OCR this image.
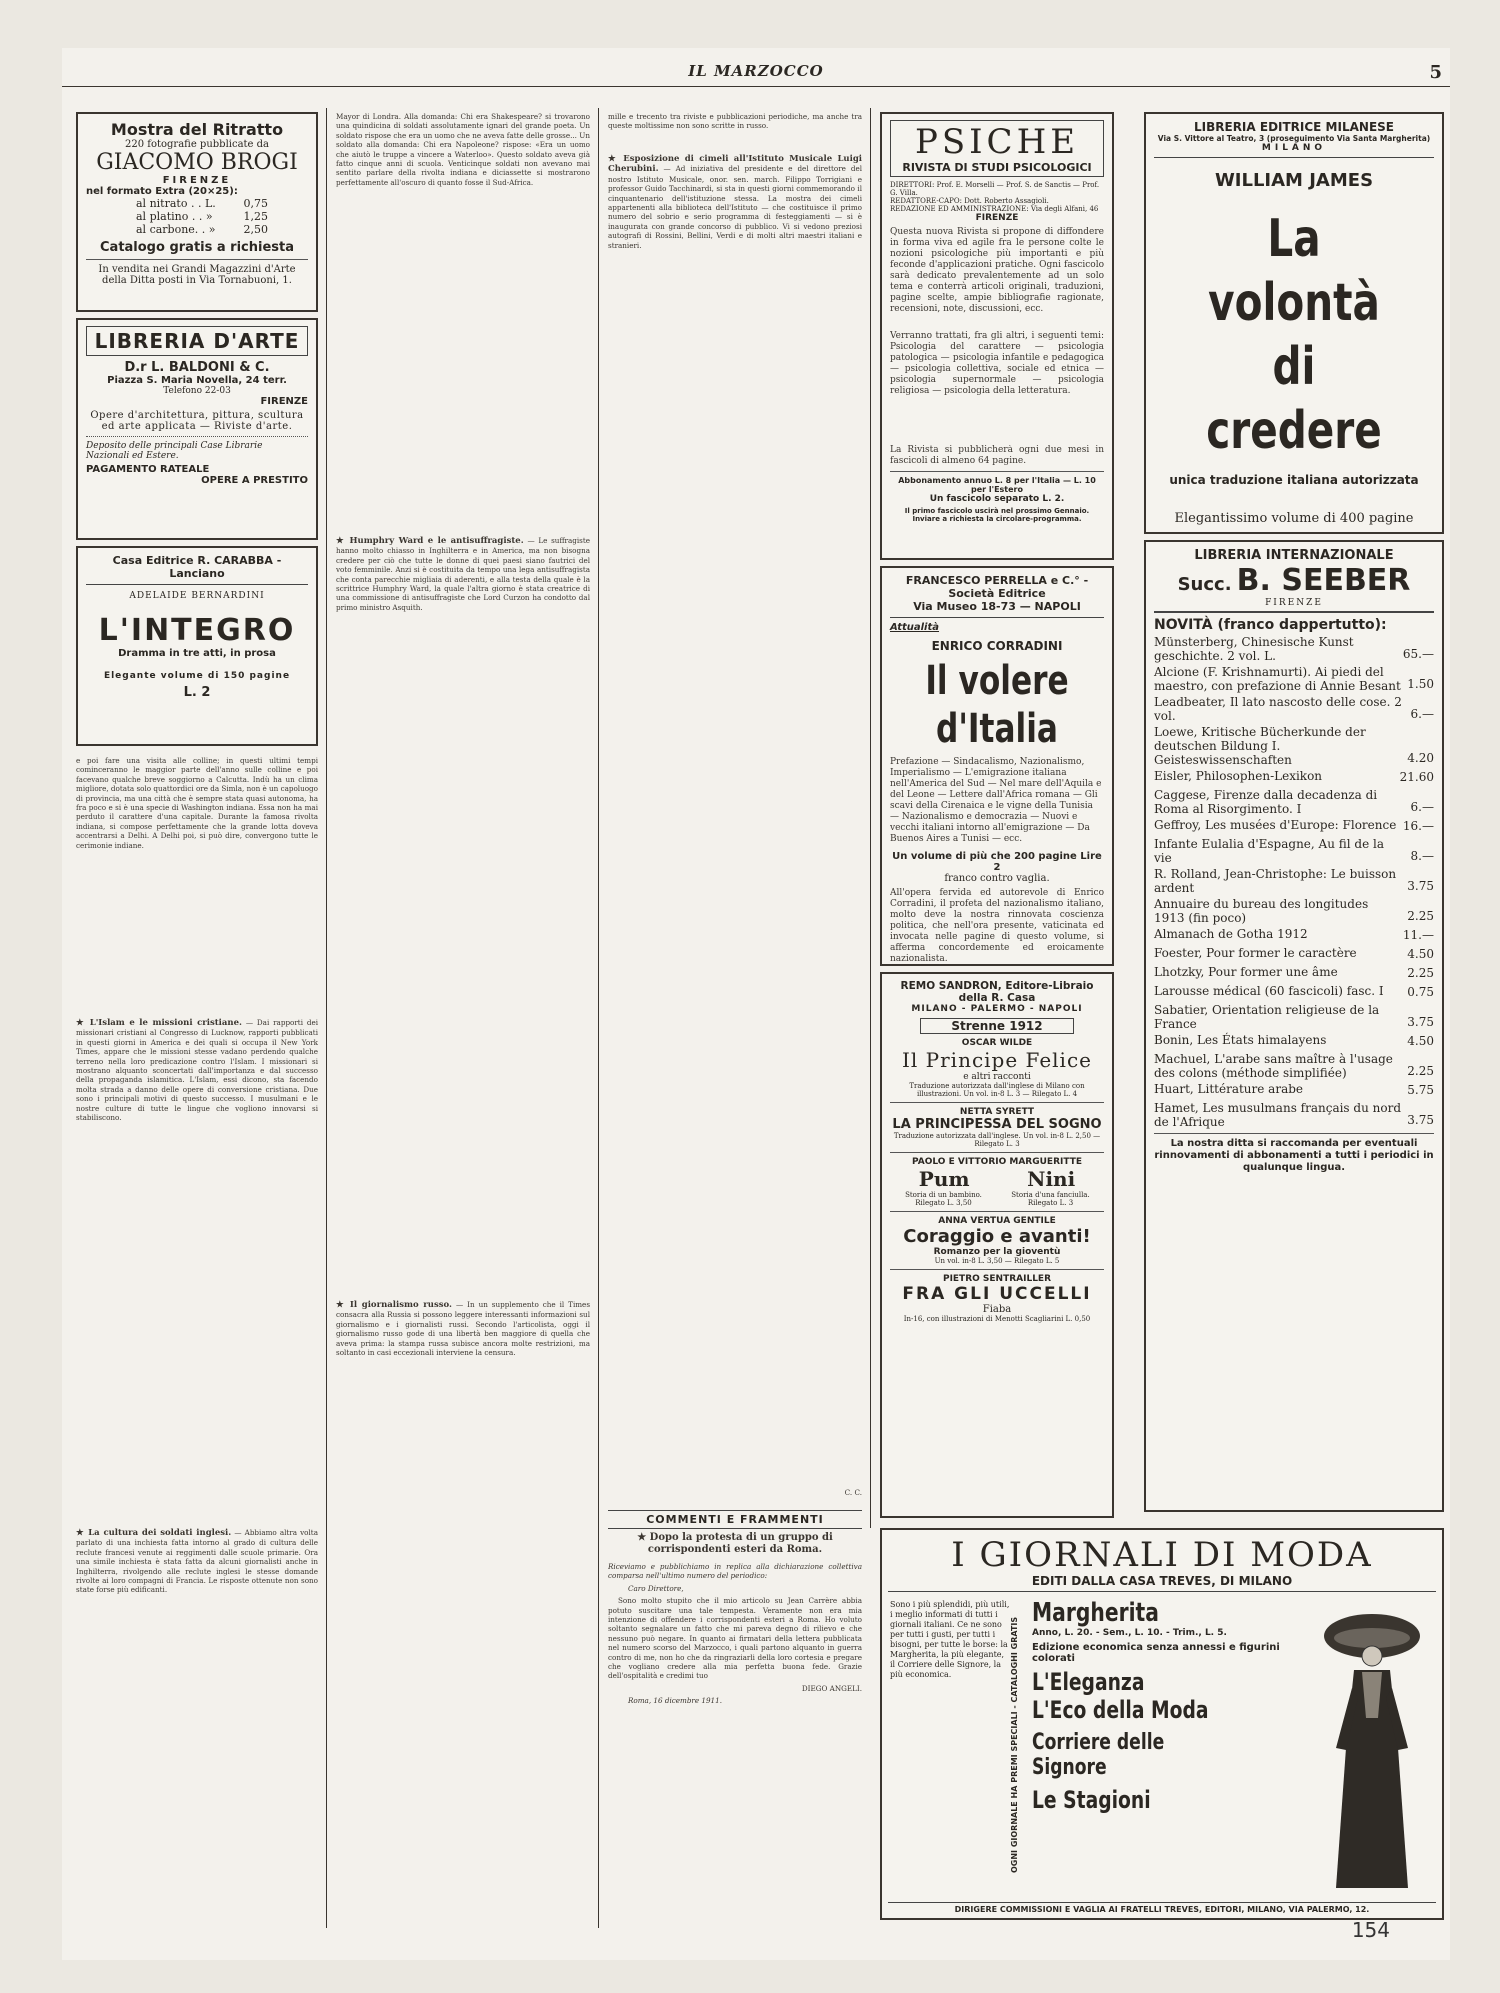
IL MARZOCCO	5
Mostra del Ritratto
220 fotografie pubblicate da
GIACOMO BROGI
FIRENZE
nel formato Extra (20×25):
al nitrato . . L.	0,75
al platino . . »	1,25
al carbone. . »	2,50
Catalogo gratis a richiesta
In vendita nei Grandi Magazzini d'Arte della Ditta posti in Via Tornabuoni, 1.
LIBRERIA D'ARTE
D.r L. BALDONI & C.
Piazza S. Maria Novella, 24 terr.
Telefono 22-03
FIRENZE
Opere d'architettura, pittura, scultura ed arte applicata — Riviste d'arte.
Deposito delle principali Case Librarie Nazionali ed Estere.
PAGAMENTO RATEALE
OPERE A PRESTITO
Casa Editrice R. CARABBA - Lanciano
ADELAIDE BERNARDINI
L'INTEGRO
Dramma in tre atti, in prosa
Elegante volume di 150 pagine
L. 2
e poi fare una visita alle colline; in questi ultimi tempi cominceranno le maggior parte dell'anno sulle colline e poi facevano qualche breve soggiorno a Calcutta. Indù ha un clima migliore, dotata solo quattordici ore da Simla, non è un capoluogo di provincia, ma una città che è sempre stata quasi autonoma, ha fra poco e si è una specie di Washington indiana. Essa non ha mai perduto il carattere d'una capitale. Durante la famosa rivolta indiana, si compose perfettamente che la grande lotta doveva accentrarsi a Delhi. A Delhi poi, si può dire, convergono tutte le cerimonie indiane.
★ L'Islam e le missioni cristiane. — Dai rapporti dei missionari cristiani al Congresso di Lucknow, rapporti pubblicati in questi giorni in America e dei quali si occupa il New York Times, appare che le missioni stesse vadano perdendo qualche terreno nella loro predicazione contro l'Islam. I missionari si mostrano alquanto sconcertati dall'importanza e dal successo della propaganda islamitica. L'Islam, essi dicono, sta facendo molta strada a danno delle opere di conversione cristiana. Due sono i principali motivi di questo successo. I musulmani e le nostre culture di tutte le lingue che vogliono innovarsi si stabiliscono.
★ La cultura dei soldati inglesi. — Abbiamo altra volta parlato di una inchiesta fatta intorno al grado di cultura delle reclute francesi venute ai reggimenti dalle scuole primarie. Ora una simile inchiesta è stata fatta da alcuni giornalisti anche in Inghilterra, rivolgendo alle reclute inglesi le stesse domande rivolte ai loro compagni di Francia. Le risposte ottenute non sono state forse più edificanti.
Mayor di Londra. Alla domanda: Chi era Shakespeare? si trovarono una quindicina di soldati assolutamente ignari del grande poeta. Un soldato rispose che era un uomo che ne aveva fatte delle grosse... Un soldato alla domanda: Chi era Napoleone? rispose: «Era un uomo che aiutò le truppe a vincere a Waterloo». Questo soldato aveva già fatto cinque anni di scuola. Venticinque soldati non avevano mai sentito parlare della rivolta indiana e diciassette si mostrarono perfettamente all'oscuro di quanto fosse il Sud-Africa.
★ Humphry Ward e le antisuffragiste. — Le suffragiste hanno molto chiasso in Inghilterra e in America, ma non bisogna credere per ciò che tutte le donne di quei paesi siano fautrici del voto femminile. Anzi si è costituita da tempo una lega antisuffragista che conta parecchie migliaia di aderenti, e alla testa della quale è la scrittrice Humphry Ward, la quale l'altra giorno è stata creatrice di una commissione di antisuffragiste che Lord Curzon ha condotto dal primo ministro Asquith.
★ Il giornalismo russo. — In un supplemento che il Times consacra alla Russia si possono leggere interessanti informazioni sul giornalismo e i giornalisti russi. Secondo l'articolista, oggi il giornalismo russo gode di una libertà ben maggiore di quella che aveva prima: la stampa russa subisce ancora molte restrizioni, ma soltanto in casi eccezionali interviene la censura.
mille e trecento tra riviste e pubblicazioni periodiche, ma anche tra queste moltissime non sono scritte in russo.
★ Esposizione di cimeli all'Istituto Musicale Luigi Cherubini. — Ad iniziativa del presidente e del direttore del nostro Istituto Musicale, onor. sen. march. Filippo Torrigiani e professor Guido Tacchinardi, si sta in questi giorni commemorando il cinquantenario dell'istituzione stessa. La mostra dei cimeli appartenenti alla biblioteca dell'Istituto — che costituisce il primo numero del sobrio e serio programma di festeggiamenti — si è inaugurata con grande concorso di pubblico. Vi si vedono preziosi autografi di Rossini, Bellini, Verdi e di molti altri maestri italiani e stranieri.
C. C.
COMMENTI E FRAMMENTI
★ Dopo la protesta di un gruppo di corrispondenti esteri da Roma.
Riceviamo e pubblichiamo in replica alla dichiarazione collettiva comparsa nell'ultimo numero del periodico:
Caro Direttore,
Sono molto stupito che il mio articolo su Jean Carrère abbia potuto suscitare una tale tempesta. Veramente non era mia intenzione di offendere i corrispondenti esteri a Roma. Ho voluto soltanto segnalare un fatto che mi pareva degno di rilievo e che nessuno può negare. In quanto ai firmatari della lettera pubblicata nel numero scorso del Marzocco, i quali partono alquanto in guerra contro di me, non ho che da ringraziarli della loro cortesia e pregare che vogliano credere alla mia perfetta buona fede. Grazie dell'ospitalità e credimi tuo
DIEGO ANGELI.
Roma, 16 dicembre 1911.
PSICHE
RIVISTA DI STUDI PSICOLOGICI
DIRETTORI: Prof. E. Morselli — Prof. S. de Sanctis — Prof. G. Villa.
REDATTORE-CAPO: Dott. Roberto Assagioli.
REDAZIONE ED AMMINISTRAZIONE: Via degli Alfani, 46
FIRENZE
Questa nuova Rivista si propone di diffondere in forma viva ed agile fra le persone colte le nozioni psicologiche più importanti e più feconde d'applicazioni pratiche. Ogni fascicolo sarà dedicato prevalentemente ad un solo tema e conterrà articoli originali, traduzioni, pagine scelte, ampie bibliografie ragionate, recensioni, note, discussioni, ecc.
Verranno trattati, fra gli altri, i seguenti temi: Psicologia del carattere — psicologia patologica — psicologia infantile e pedagogica — psicologia collettiva, sociale ed etnica — psicologia supernormale — psicologia religiosa — psicologia della letteratura.
La Rivista si pubblicherà ogni due mesi in fascicoli di almeno 64 pagine.
Abbonamento annuo L. 8 per l'Italia — L. 10 per l'Estero
Un fascicolo separato L. 2.
Il primo fascicolo uscirà nel prossimo Gennaio. Inviare a richiesta la circolare-programma.
FRANCESCO PERRELLA e C.° - Società Editrice
Via Museo 18-73 — NAPOLI
Attualità
ENRICO CORRADINI
Il volere d'Italia
Prefazione — Sindacalismo, Nazionalismo, Imperialismo — L'emigrazione italiana nell'America del Sud — Nel mare dell'Aquila e del Leone — Lettere dall'Africa romana — Gli scavi della Cirenaica e le vigne della Tunisia — Nazionalismo e democrazia — Nuovi e vecchi italiani intorno all'emigrazione — Da Buenos Aires a Tunisi — ecc.
Un volume di più che 200 pagine Lire 2
franco contro vaglia.
All'opera fervida ed autorevole di Enrico Corradini, il profeta del nazionalismo italiano, molto deve la nostra rinnovata coscienza politica, che nell'ora presente, vaticinata ed invocata nelle pagine di questo volume, si afferma concordemente ed eroicamente nazionalista.
REMO SANDRON, Editore-Libraio della R. Casa
MILANO - PALERMO - NAPOLI
Strenne 1912
OSCAR WILDE
Il Principe Felice
e altri racconti
Traduzione autorizzata dall'inglese di Milano con illustrazioni. Un vol. in-8 L. 3 — Rilegato L. 4
NETTA SYRETT
LA PRINCIPESSA DEL SOGNO
Traduzione autorizzata dall'inglese. Un vol. in-8 L. 2,50 — Rilegato L. 3
PAOLO E VITTORIO MARGUERITTE
Pum	Nini
Storia di un bambino. Rilegato L. 3,50
Storia d'una fanciulla. Rilegato L. 3
ANNA VERTUA GENTILE
Coraggio e avanti!
Romanzo per la gioventù
Un vol. in-8 L. 3,50 — Rilegato L. 5
PIETRO SENTRAILLER
FRA GLI UCCELLI
Fiaba
In-16, con illustrazioni di Menotti Scagliarini L. 0,50
LIBRERIA EDITRICE MILANESE
Via S. Vittore al Teatro, 3 (proseguimento Via Santa Margherita)
MILANO
WILLIAM JAMES
La volontà
di credere
unica traduzione italiana autorizzata
Elegantissimo volume di 400 pagine
LIBRERIA INTERNAZIONALE
Succ. B. SEEBER
FIRENZE
NOVITÀ (franco dappertutto):
Münsterberg, Chinesische Kunst geschichte. 2 vol. L.	65.—
Alcione (F. Krishnamurti). Ai piedi del maestro, con prefazione di Annie Besant 1.50
Leadbeater, Il lato nascosto delle cose. 2 vol.	6.—
Loewe, Kritische Bücherkunde der deutschen Bildung I. Geisteswissenschaften	4.20
Eisler, Philosophen-Lexikon	21.60
Caggese, Firenze dalla decadenza di Roma al Risorgimento. I	6.—
Geffroy, Les musées d'Europe: Florence 16.—
Infante Eulalia d'Espagne, Au fil de la vie	8.—
R. Rolland, Jean-Christophe: Le buisson ardent	3.75
Annuaire du bureau des longitudes 1913 (fin poco)	2.25
Almanach de Gotha 1912	11.—
Foester, Pour former le caractère	4.50
Lhotzky, Pour former une âme	2.25
Larousse médical (60 fascicoli) fasc. I 0.75
Sabatier, Orientation religieuse de la France	3.75
Bonin, Les États himalayens	4.50
Machuel, L'arabe sans maître à l'usage des colons (méthode simplifiée)	2.25
Huart, Littérature arabe	5.75
Hamet, Les musulmans français du nord de l'Afrique	3.75
La nostra ditta si raccomanda per eventuali rinnovamenti di abbonamenti a tutti i periodici in qualunque lingua.
I GIORNALI DI MODA
EDITI DALLA CASA TREVES, DI MILANO
Sono i più splendidi, più utili, i meglio informati di tutti i giornali italiani. Ce ne sono per tutti i gusti, per tutti i bisogni, per tutte le borse: la Margherita, la più elegante, il Corriere delle Signore, la più economica.	OGNI GIORNALE HA PREMI SPECIALI - CATALOGHI GRATIS
Margherita
Anno, L. 20. - Sem., L. 10. - Trim., L. 5.
Edizione economica senza annessi e figurini colorati
L'Eleganza
L'Eco della Moda
Corriere delle Signore
Le Stagioni
DIRIGERE COMMISSIONI E VAGLIA AI FRATELLI TREVES, EDITORI, MILANO, VIA PALERMO, 12.
154
